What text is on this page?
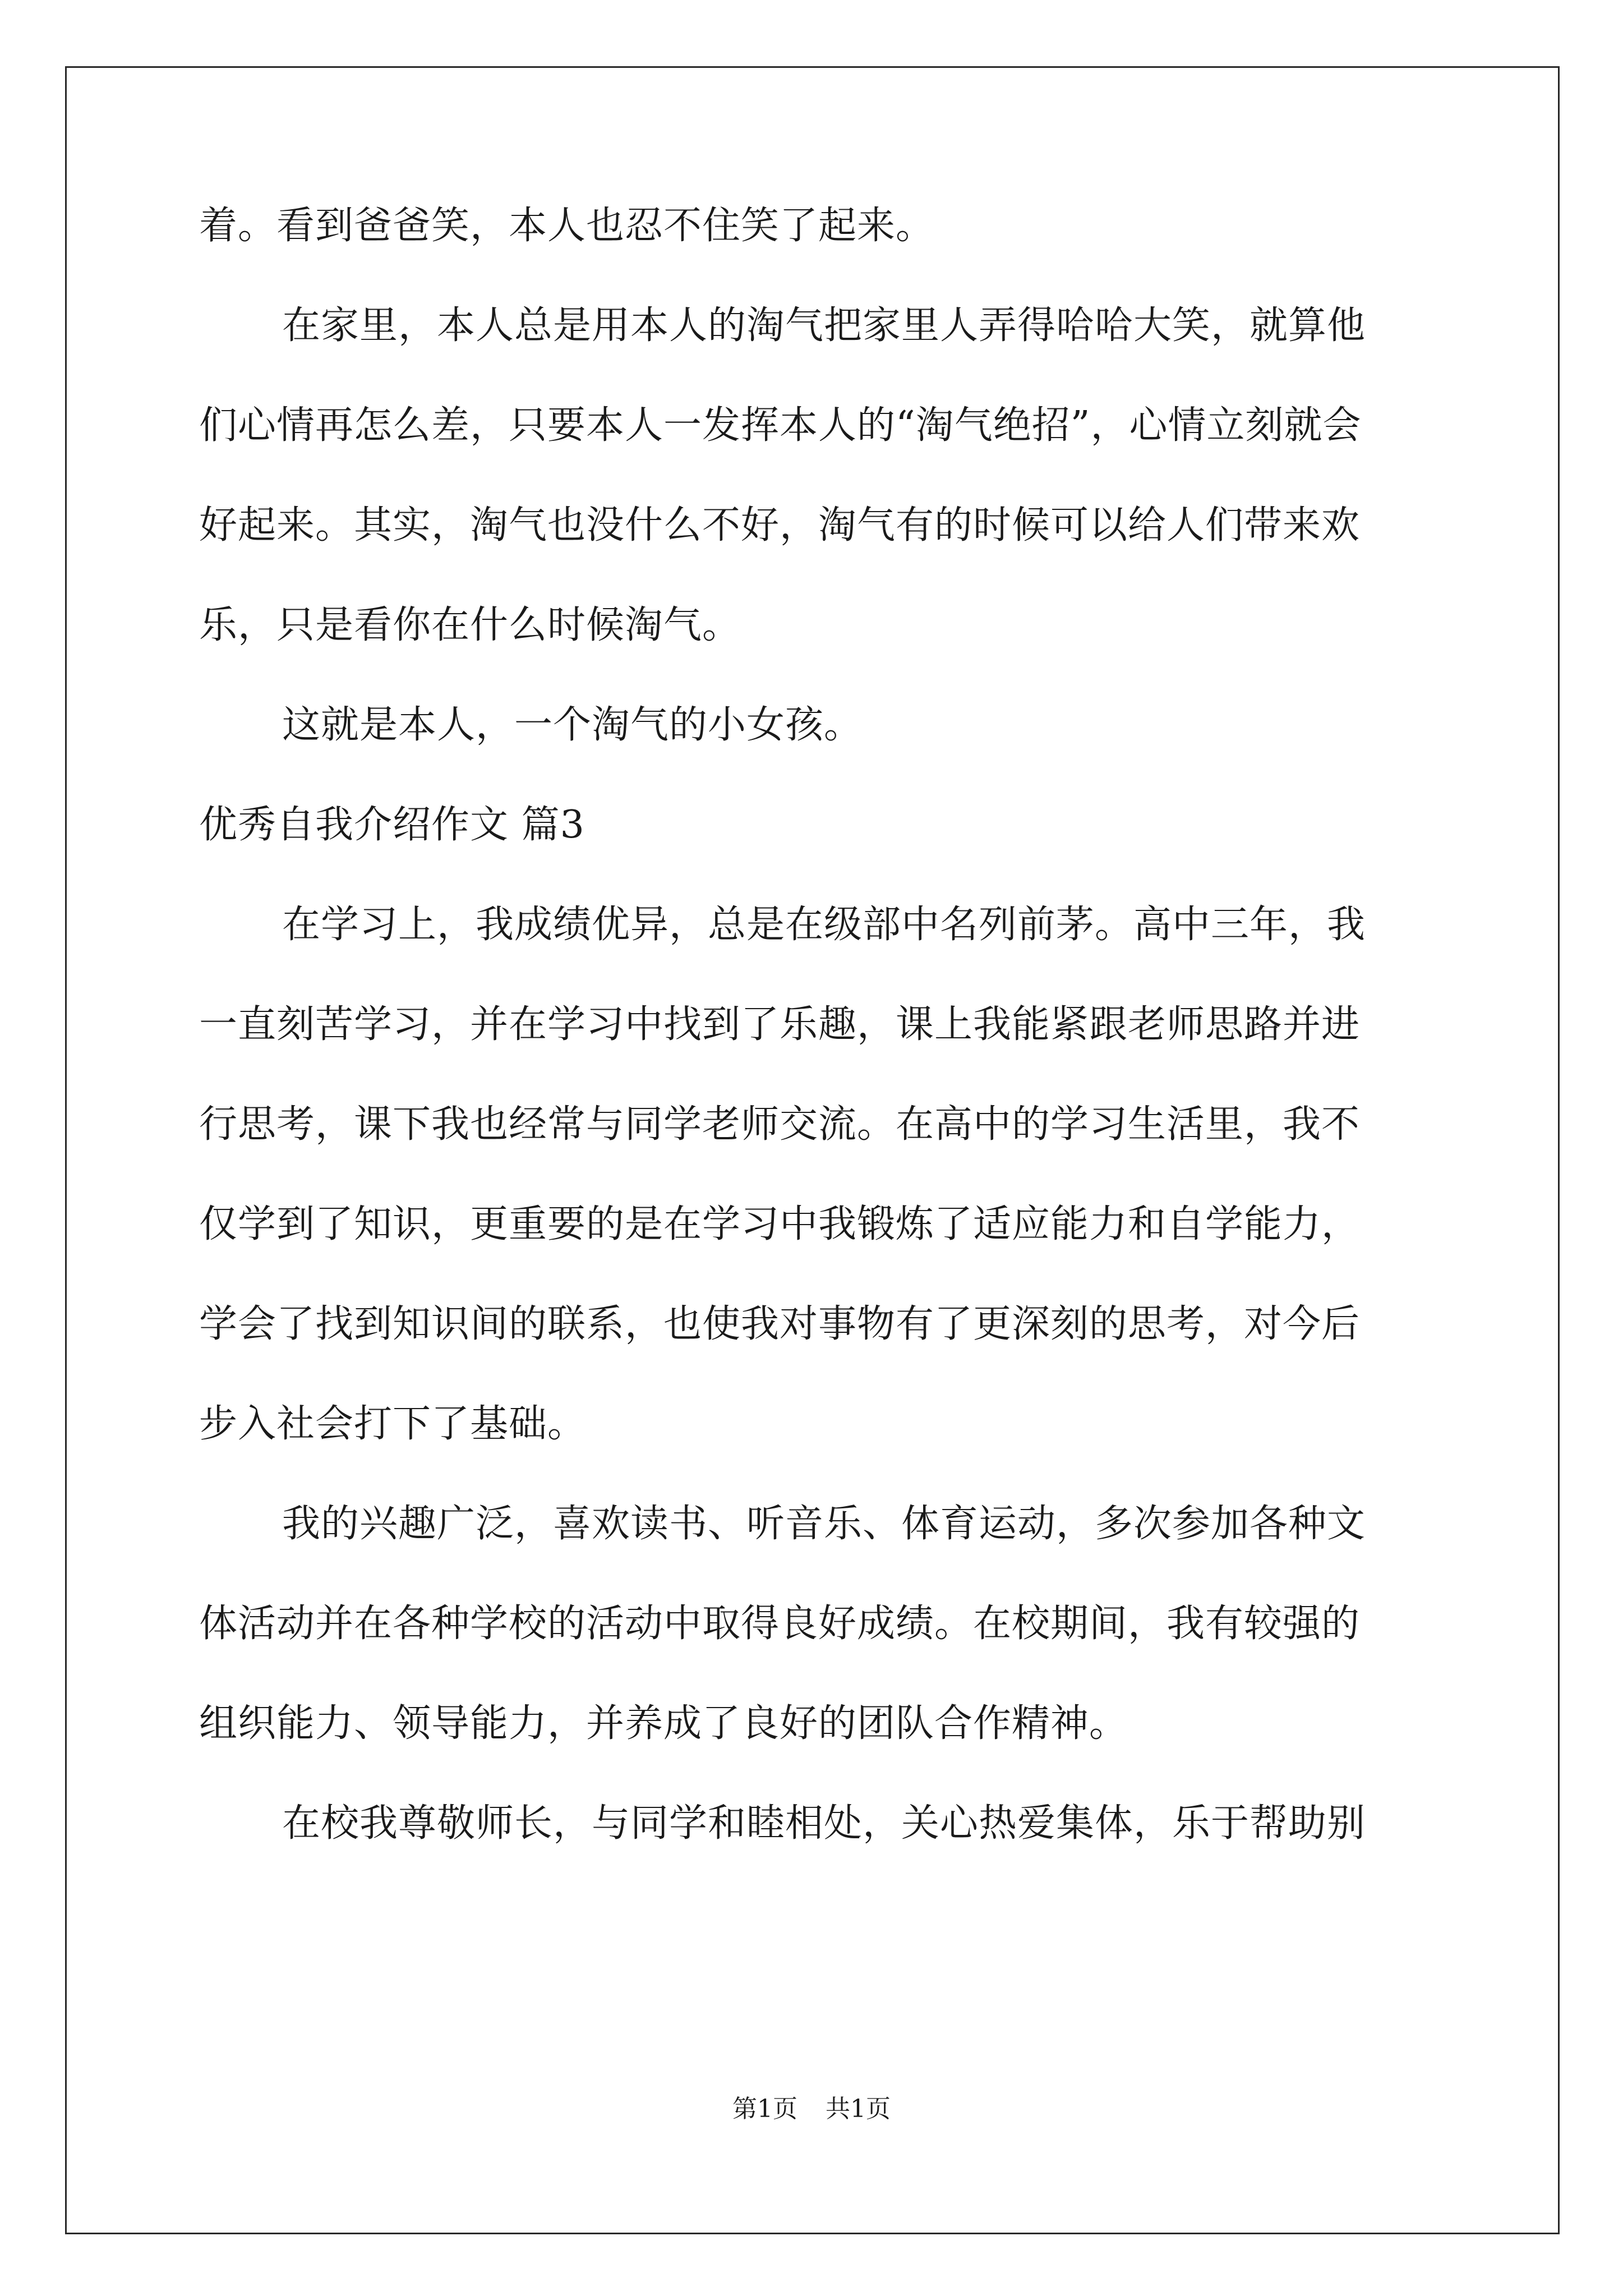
着。看到爸爸笑，本人也忍不住笑了起来。
在家里，本人总是用本人的淘气把家里人弄得哈哈大笑，就算他
们心情再怎么差，只要本人一发挥本人的“淘气绝招”，心情立刻就会
好起来。其实，淘气也没什么不好，淘气有的时候可以给人们带来欢
乐，只是看你在什么时候淘气。
这就是本人，一个淘气的小女孩。
优秀自我介绍作文 篇3
在学习上，我成绩优异，总是在级部中名列前茅。高中三年，我
一直刻苦学习，并在学习中找到了乐趣，课上我能紧跟老师思路并进
行思考，课下我也经常与同学老师交流。在高中的学习生活里，我不
仅学到了知识，更重要的是在学习中我锻炼了适应能力和自学能力，
学会了找到知识间的联系，也使我对事物有了更深刻的思考，对今后
步入社会打下了基础。
我的兴趣广泛，喜欢读书、听音乐、体育运动，多次参加各种文
体活动并在各种学校的活动中取得良好成绩。在校期间，我有较强的
组织能力、领导能力，并养成了良好的团队合作精神。
在校我尊敬师长，与同学和睦相处，关心热爱集体，乐于帮助别
第1页 共1页
